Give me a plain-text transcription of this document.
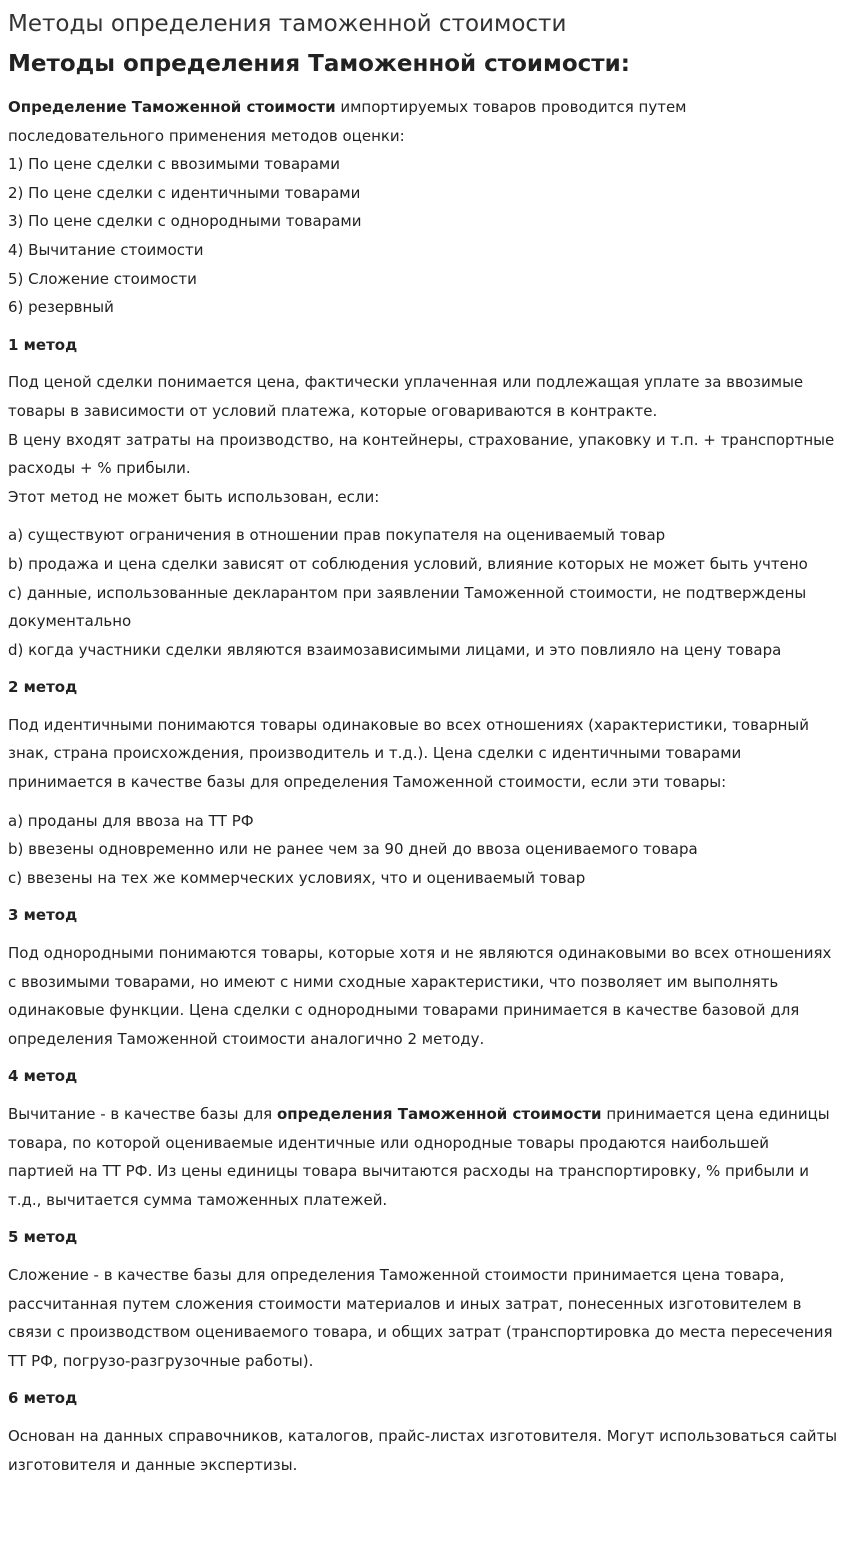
Методы определения таможенной стоимости
Методы определения Таможенной стоимости:

Определение Таможенной стоимости импортируемых товаров проводится путем последовательного применения методов оценки:

1) По цене сделки с ввозимыми товарами

2) По цене сделки с идентичными товарами

3) По цене сделки с однородными товарами

4) Вычитание стоимости

5) Сложение стоимости

6) резервный

1 метод

Под ценой сделки понимается цена, фактически уплаченная или подлежащая уплате за ввозимые товары в зависимости от условий платежа, которые оговариваются в контракте.

В цену входят затраты на производство, на контейнеры, страхование, упаковку и т.п. + транспортные расходы + % прибыли.

Этот метод не может быть использован, если:

a) существуют ограничения в отношении прав покупателя на оцениваемый товар

b) продажа и цена сделки зависят от соблюдения условий, влияние которых не может быть учтено

c) данные, использованные декларантом при заявлении Таможенной стоимости, не подтверждены документально

d) когда участники сделки являются взаимозависимыми лицами, и это повлияло на цену товара

2 метод

Под идентичными понимаются товары одинаковые во всех отношениях (характеристики, товарный знак, страна происхождения, производитель и т.д.). Цена сделки с идентичными товарами принимается в качестве базы для определения Таможенной стоимости, если эти товары:

a) проданы для ввоза на ТТ РФ

b) ввезены одновременно или не ранее чем за 90 дней до ввоза оцениваемого товара

c) ввезены на тех же коммерческих условиях, что и оцениваемый товар

3 метод

Под однородными понимаются товары, которые хотя и не являются одинаковыми во всех отношениях с ввозимыми товарами, но имеют с ними сходные характеристики, что позволяет им выполнять одинаковые функции. Цена сделки с однородными товарами принимается в качестве базовой для определения Таможенной стоимости аналогично 2 методу.

4 метод

Вычитание - в качестве базы для определения Таможенной стоимости принимается цена единицы товара, по которой оцениваемые идентичные или однородные товары продаются наибольшей партией на ТТ РФ. Из цены единицы товара вычитаются расходы на транспортировку, % прибыли и т.д., вычитается сумма таможенных платежей.

5 метод

Сложение - в качестве базы для определения Таможенной стоимости принимается цена товара, рассчитанная путем сложения стоимости материалов и иных затрат, понесенных изготовителем в связи с производством оцениваемого товара, и общих затрат (транспортировка до места пересечения ТТ РФ, погрузо-разгрузочные работы).

6 метод

Основан на данных справочников, каталогов, прайс-листах изготовителя. Могут использоваться сайты изготовителя и данные экспертизы.
